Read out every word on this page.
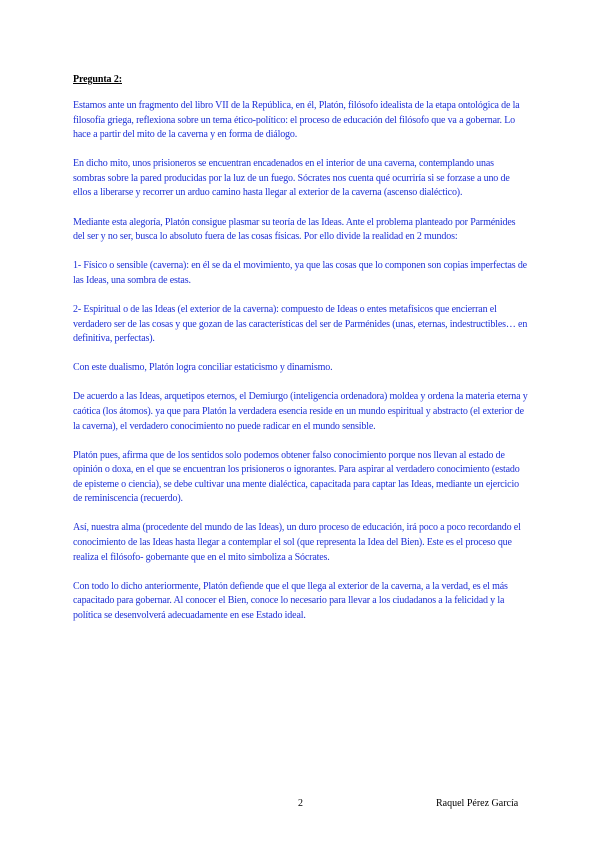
Pregunta 2:

Estamos ante un fragmento del libro VII de la República, en él, Platón, filósofo idealista de la etapa ontológica de la filosofía griega, reflexiona sobre un tema ético-político: el proceso de educación del filósofo que va a gobernar. Lo hace a partir del mito de la caverna y en forma de diálogo.

En dicho mito, unos prisioneros se encuentran encadenados en el interior de una caverna, contemplando unas sombras sobre la pared producidas por la luz de un fuego. Sócrates nos cuenta qué ocurriría si se forzase a uno de ellos a liberarse y recorrer un arduo camino hasta llegar al exterior de la caverna (ascenso dialéctico).

Mediante esta alegoría, Platón consigue plasmar su teoría de las Ideas. Ante el problema planteado por Parménides del ser y no ser, busca lo absoluto fuera de las cosas físicas. Por ello divide la realidad en 2 mundos:

1- Físico o sensible (caverna): en él se da el movimiento, ya que las cosas que lo componen son copias imperfectas de las Ideas, una sombra de estas.

2- Espiritual o de las Ideas (el exterior de la caverna): compuesto de Ideas o entes metafísicos que encierran el verdadero ser de las cosas y que gozan de las características del ser de Parménides (unas, eternas, indestructibles… en definitiva, perfectas).

Con este dualismo, Platón logra conciliar estaticismo y dinamismo.

De acuerdo a las Ideas, arquetipos eternos, el Demiurgo (inteligencia ordenadora) moldea y ordena la materia eterna y caótica (los átomos). ya que para Platón la verdadera esencia reside en un mundo espiritual y abstracto (el exterior de la caverna), el verdadero conocimiento no puede radicar en el mundo sensible.

Platón pues, afirma que de los sentidos solo podemos obtener falso conocimiento porque nos llevan al estado de opinión o doxa, en el que se encuentran los prisioneros o ignorantes. Para aspirar al verdadero conocimiento (estado de episteme o ciencia), se debe cultivar una mente dialéctica, capacitada para captar las Ideas, mediante un ejercicio de reminiscencia (recuerdo).

Así, nuestra alma (procedente del mundo de las Ideas), un duro proceso de educación, irá poco a poco recordando el conocimiento de las Ideas hasta llegar a contemplar el sol (que representa la Idea del Bien). Este es el proceso que realiza el filósofo- gobernante que en el mito simboliza a Sócrates.

Con todo lo dicho anteriormente, Platón defiende que el que llega al exterior de la caverna, a la verdad, es el más capacitado para gobernar. Al conocer el Bien, conoce lo necesario para llevar a los ciudadanos a la felicidad y la política se desenvolverá adecuadamente en ese Estado ideal.

2	Raquel Pérez García
